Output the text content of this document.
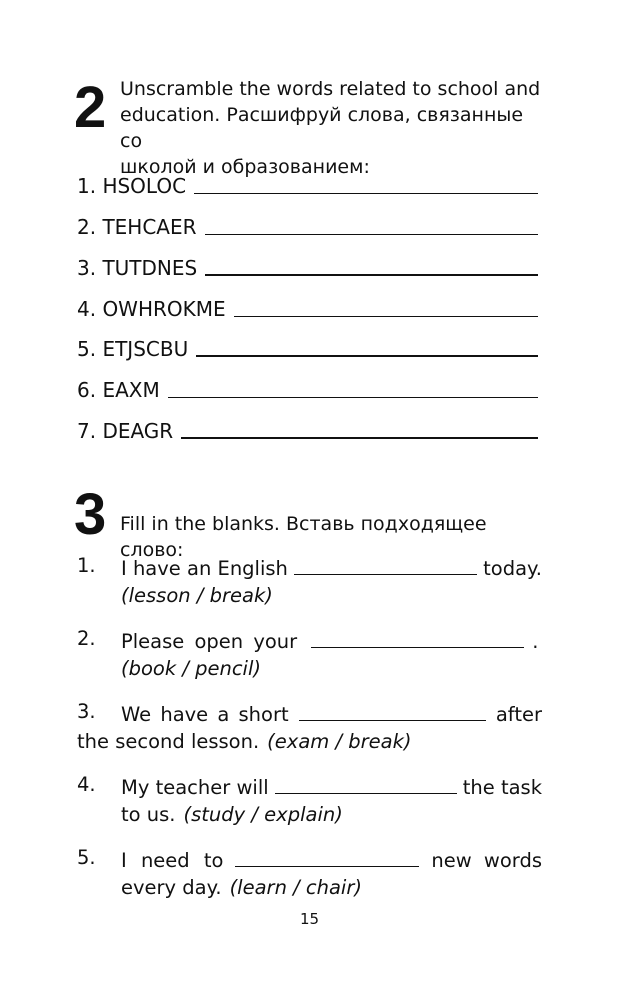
2 Unscramble the words related to school and
education. Расшифруй слова, связанные со
школой и образованием:
1. HSOLOC
2. TEHCAER
3. TUTDNES
4. OWHROKME
5. ETJSCBU
6. EAXM
7. DEAGR
3 Fill in the blanks. Вставь подходящее слово:
1. I have an English	today.
(lesson / break)
2. Please open your	.
(book / pencil)
3. We have a short	after
the second lesson. (exam / break)
4. My teacher will	the task
to us. (study / explain)
5. I need to	new words
every day. (learn / chair)
15
